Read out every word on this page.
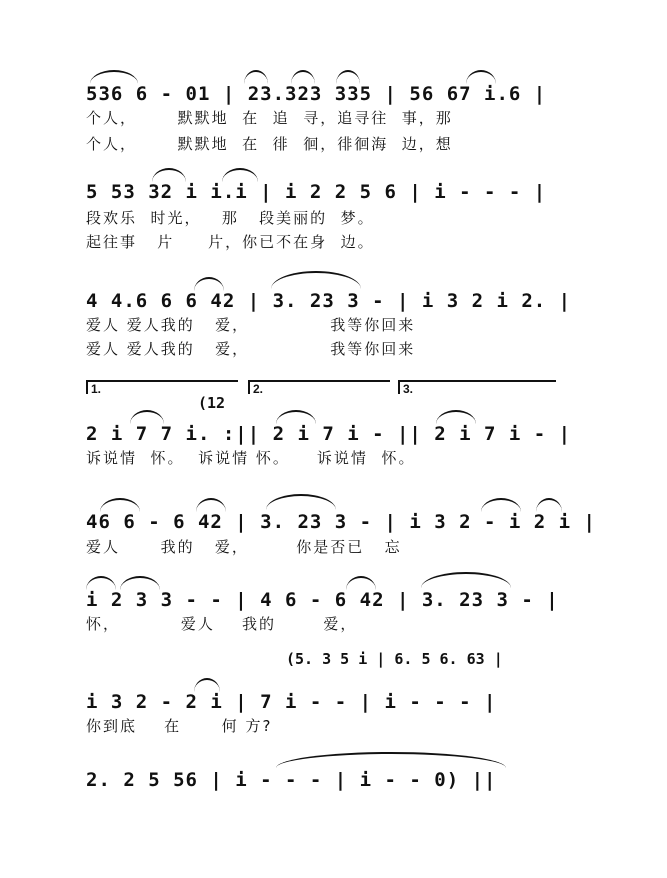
536 6 - 01 | 23.323 335 | 56 67 i.6 |
个人，      默默地  在  追  寻，追寻往  事，那
个人，      默默地  在  徘  徊，徘徊海  边，想
5 53 32 i i.i | i 2 2 5 6 | i - - - |
段欢乐  时光，   那   段美丽的  梦。
起往事   片     片，你已不在身  边。
4 4.6 6 6 42 | 3. 23 3 - | i 3 2 i 2. |
爱人 爱人我的   爱，            我等你回来
爱人 爱人我的   爱，            我等你回来
1.	2.	3.
(12
2 i 7 7 i. :|| 2 i 7 i - || 2 i 7 i - |
诉说情  怀。  诉说情 怀。    诉说情  怀。
46 6 - 6 42 | 3. 23 3 - | i 3 2 - i 2 i |
爱人      我的   爱，       你是否已   忘
i 2 3 3 - - | 4 6 - 6 42 | 3. 23 3 - |
怀，         爱人    我的       爱，
(5. 3 5 i | 6. 5 6. 63 |
i 3 2 - 2 i | 7 i - - | i - - - |
你到底    在      何 方?
2. 2 5 56 | i - - - | i - - 0) ||
